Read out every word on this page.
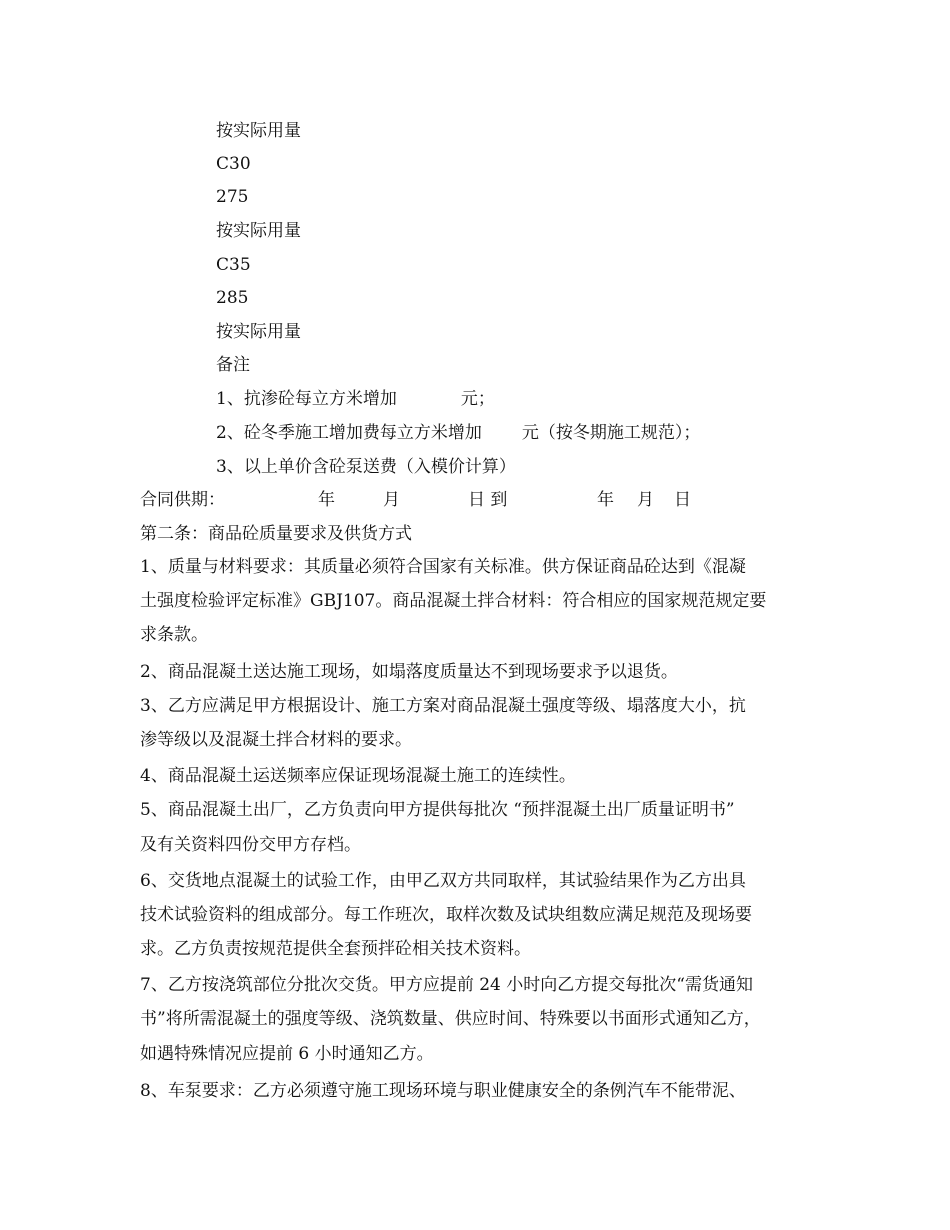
按实际用量
C30
275
按实际用量
C35
285
按实际用量
备注
1、抗渗砼每立方米增加	元；
2、砼冬季施工增加费每立方米增加 元（按冬期施工规范）；
3、以上单价含砼泵送费（入模价计算）
合同供期：	年	月	日 到	年 月 日
第二条：商品砼质量要求及供货方式
1、质量与材料要求：其质量必须符合国家有关标准。供方保证商品砼达到《混凝
土强度检验评定标准》GBJ107。商品混凝土拌合材料：符合相应的国家规范规定要
求条款。
2、商品混凝土送达施工现场，如塌落度质量达不到现场要求予以退货。
3、乙方应满足甲方根据设计、施工方案对商品混凝土强度等级、塌落度大小，抗
渗等级以及混凝土拌合材料的要求。
4、商品混凝土运送频率应保证现场混凝土施工的连续性。
5、商品混凝土出厂，乙方负责向甲方提供每批次 “预拌混凝土出厂质量证明书”
及有关资料四份交甲方存档。
6、交货地点混凝土的试验工作，由甲乙双方共同取样，其试验结果作为乙方出具
技术试验资料的组成部分。每工作班次，取样次数及试块组数应满足规范及现场要
求。乙方负责按规范提供全套预拌砼相关技术资料。
7、乙方按浇筑部位分批次交货。甲方应提前 24 小时向乙方提交每批次“需货通知
书”将所需混凝土的强度等级、浇筑数量、供应时间、特殊要以书面形式通知乙方，
如遇特殊情况应提前 6 小时通知乙方。
8、车泵要求：乙方必须遵守施工现场环境与职业健康安全的条例汽车不能带泥、
